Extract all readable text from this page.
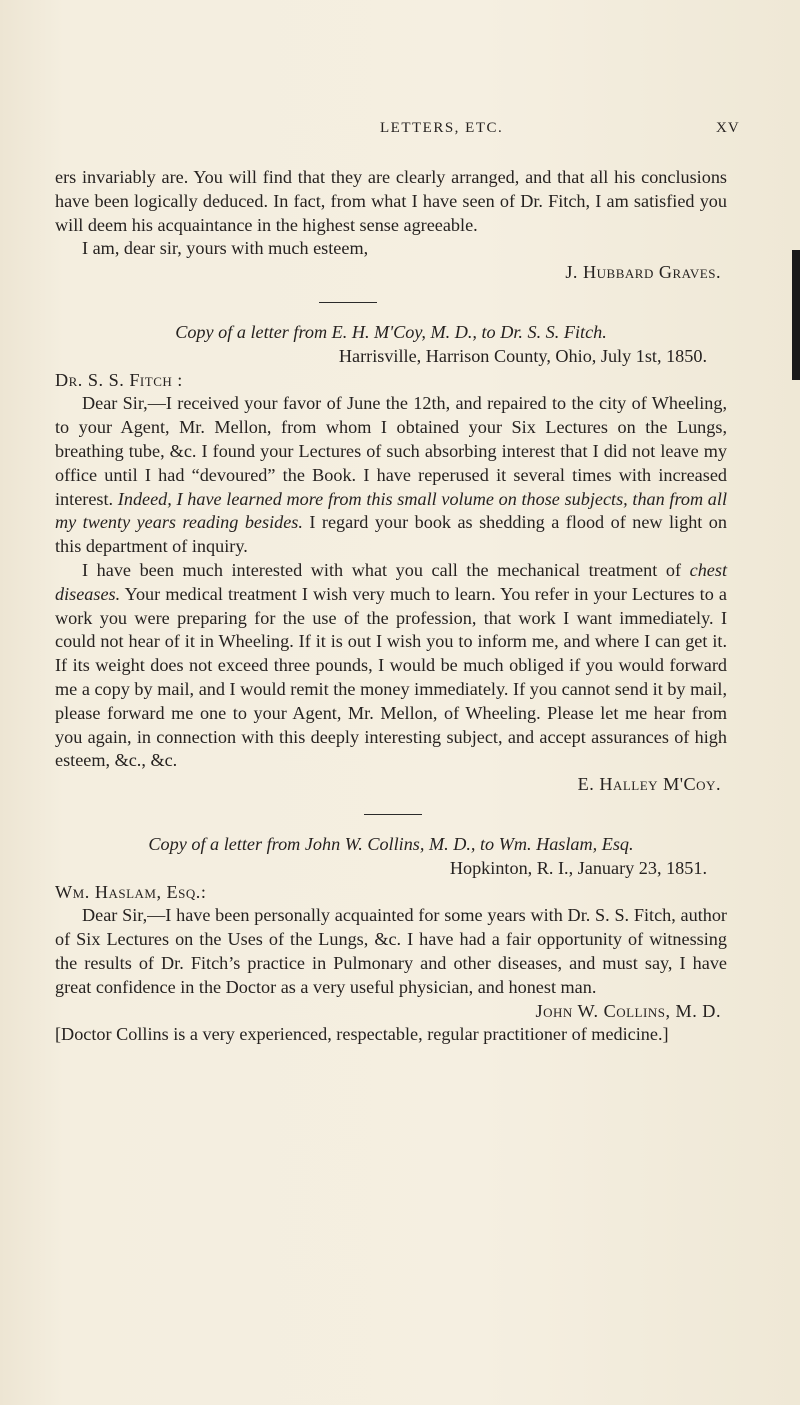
LETTERS, ETC.	XV

ers invariably are. You will find that they are clearly arranged, and that all his conclusions have been logically deduced. In fact, from what I have seen of Dr. Fitch, I am satisfied you will deem his acquaintance in the highest sense agreeable.

I am, dear sir, yours with much esteem,

J. Hubbard Graves.

Copy of a letter from E. H. M'Coy, M. D., to Dr. S. S. Fitch.

Harrisville, Harrison County, Ohio, July 1st, 1850.

Dr. S. S. Fitch :

Dear Sir,—I received your favor of June the 12th, and repaired to the city of Wheeling, to your Agent, Mr. Mellon, from whom I obtained your Six Lectures on the Lungs, breathing tube, &c. I found your Lectures of such absorbing interest that I did not leave my office until I had “devoured” the Book. I have reperused it several times with increased interest. Indeed, I have learned more from this small volume on those subjects, than from all my twenty years reading besides. I regard your book as shedding a flood of new light on this department of inquiry.

I have been much interested with what you call the mechanical treatment of chest diseases. Your medical treatment I wish very much to learn. You refer in your Lectures to a work you were preparing for the use of the profession, that work I want immediately. I could not hear of it in Wheeling. If it is out I wish you to inform me, and where I can get it. If its weight does not exceed three pounds, I would be much obliged if you would forward me a copy by mail, and I would remit the money immediately. If you cannot send it by mail, please forward me one to your Agent, Mr. Mellon, of Wheeling. Please let me hear from you again, in connection with this deeply interesting subject, and accept assurances of high esteem, &c., &c.

E. Halley M'Coy.

Copy of a letter from John W. Collins, M. D., to Wm. Haslam, Esq.

Hopkinton, R. I., January 23, 1851.

Wm. Haslam, Esq.:

Dear Sir,—I have been personally acquainted for some years with Dr. S. S. Fitch, author of Six Lectures on the Uses of the Lungs, &c. I have had a fair opportunity of witnessing the results of Dr. Fitch’s practice in Pulmonary and other diseases, and must say, I have great confidence in the Doctor as a very useful physician, and honest man.

John W. Collins, M. D.

[Doctor Collins is a very experienced, respectable, regular practitioner of medicine.]
